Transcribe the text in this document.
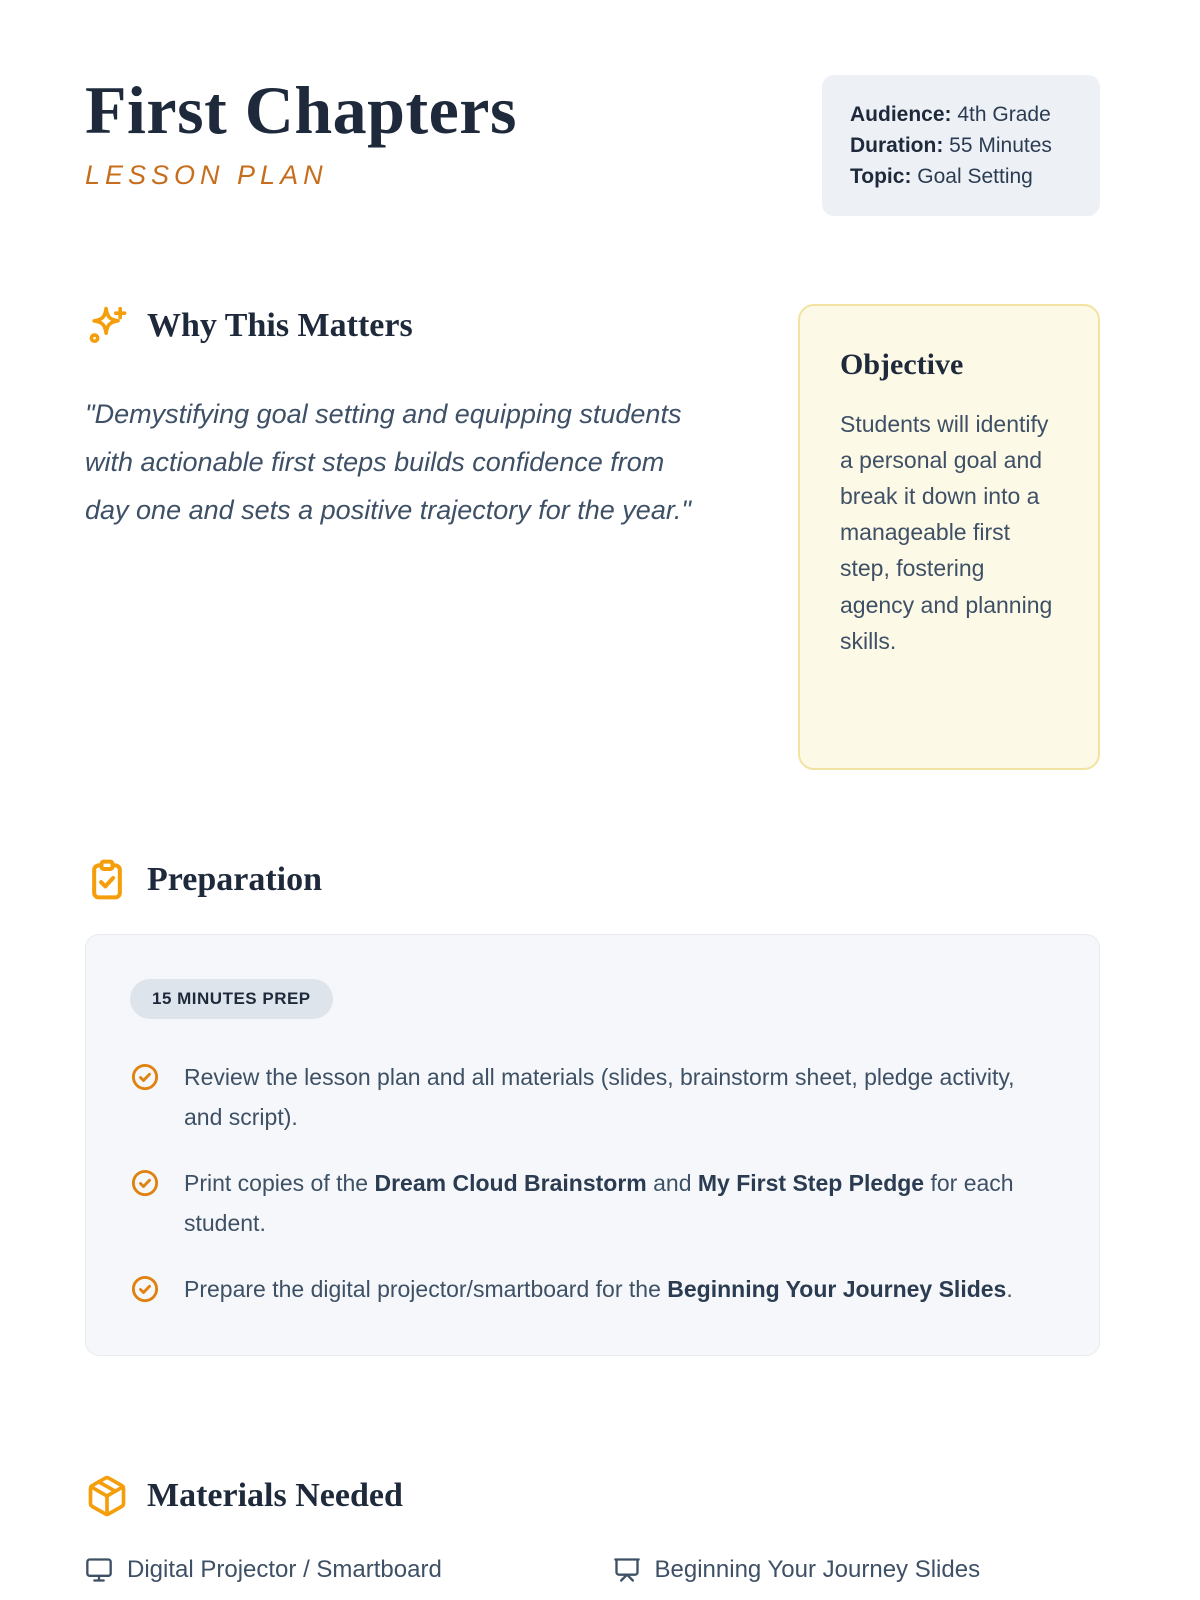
First Chapters
LESSON PLAN
Audience: 4th Grade
Duration: 55 Minutes
Topic: Goal Setting
Why This Matters

"Demystifying goal setting and equipping students with actionable first steps builds confidence from day one and sets a positive trajectory for the year."

Objective

Students will identify a personal goal and break it down into a manageable first step, fostering agency and planning skills.

Preparation
15 MINUTES PREP
Review the lesson plan and all materials (slides, brainstorm sheet, pledge activity, and script).
Print copies of the Dream Cloud Brainstorm and My First Step Pledge for each student.
Prepare the digital projector/smartboard for the Beginning Your Journey Slides.
Materials Needed
Digital Projector / Smartboard	Beginning Your Journey Slides
